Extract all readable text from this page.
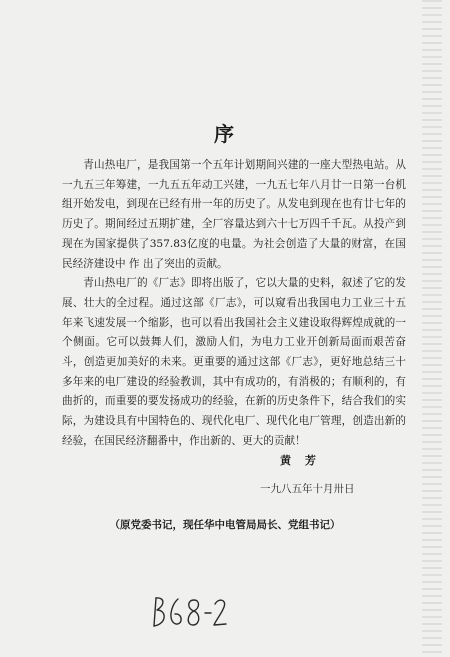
序

青山热电厂，是我国第一个五年计划期间兴建的一座大型热电站。从一九五三年筹建，一九五五年动工兴建，一九五七年八月廿一日第一台机组开始发电，到现在已经有卅一年的历史了。从发电到现在也有廿七年的历史了。期间经过五期扩建，全厂容量达到六十七万四千千瓦。从投产到现在为国家提供了357.83亿度的电量。为社会创造了大量的财富，在国民经济建设中 作 出了突出的贡献。

青山热电厂的《厂志》即将出版了，它以大量的史料，叙述了它的发展、壮大的全过程。通过这部《厂志》，可以窥看出我国电力工业三十五年来飞速发展一个缩影，也可以看出我国社会主义建设取得辉煌成就的一个侧面。它可以鼓舞人们，激励人们，为电力工业开创新局面而艰苦奋斗，创造更加美好的未来。更重要的通过这部《厂志》，更好地总结三十多年来的电厂建设的经验教训，其中有成功的，有消极的；有顺利的，有曲折的，而重要的要发扬成功的经验，在新的历史条件下，结合我们的实际，为建设具有中国特色的、现代化电厂、现代化电厂管理，创造出新的经验，在国民经济翻番中，作出新的、更大的贡献！

黄 芳
一九八五年十月卅日
（原党委书记，现任华中电管局局长、党组书记）
